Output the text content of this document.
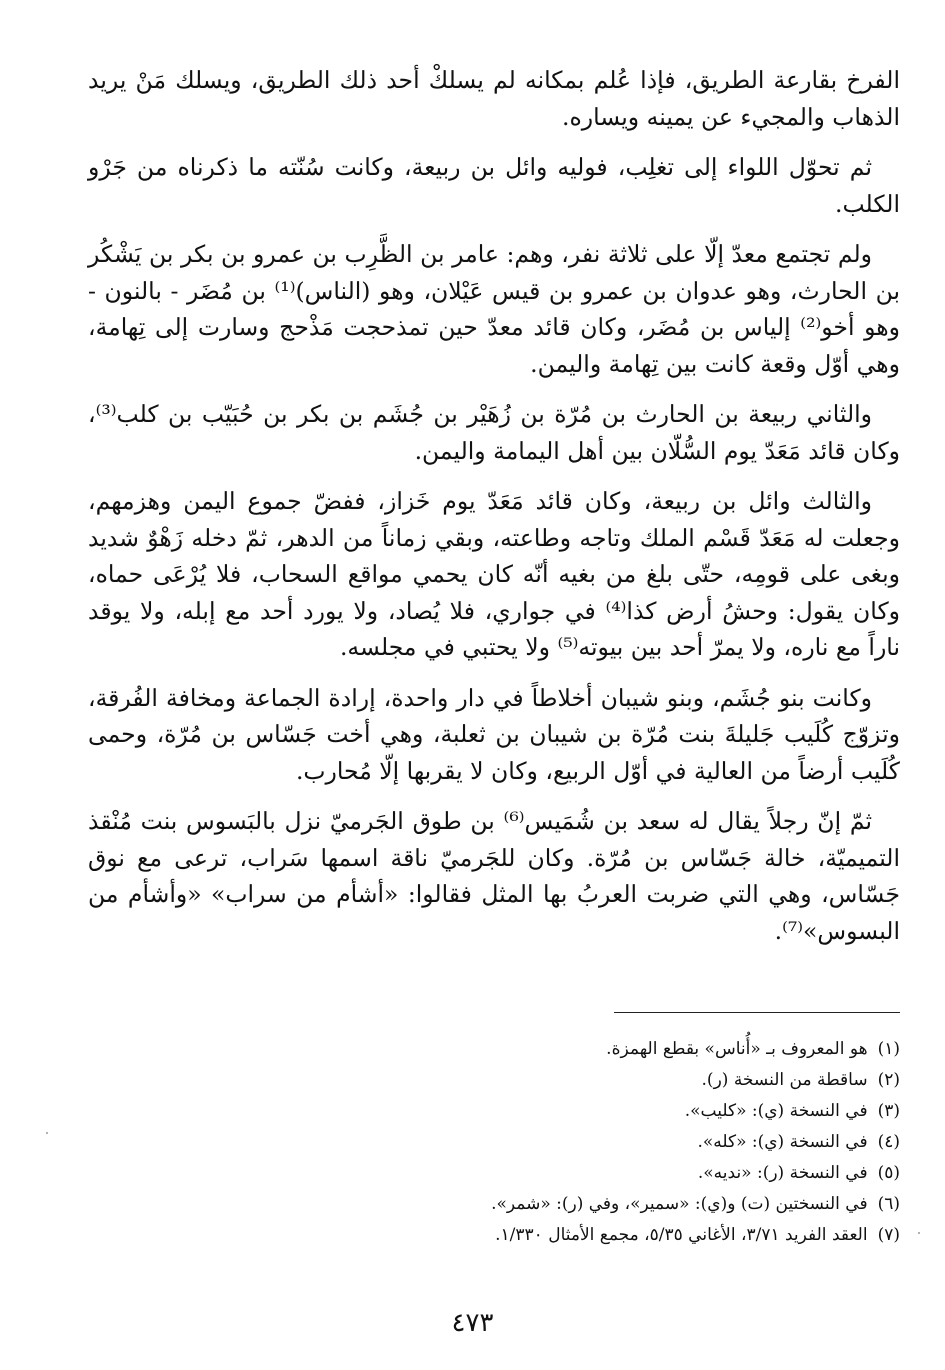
الفرخ بقارعة الطريق، فإذا عُلم بمكانه لم يسلكْ أحد ذلك الطريق، ويسلك مَنْ يريد الذهاب والمجيء عن يمينه ويساره.

ثم تحوّل اللواء إلى تغلِب، فوليه وائل بن ربيعة، وكانت سُنّته ما ذكرناه من جَرْو الكلب.

ولم تجتمع معدّ إلّا على ثلاثة نفر، وهم: عامر بن الظَّرِب بن عمرو بن بكر بن يَشْكُر بن الحارث، وهو عدوان بن عمرو بن قيس عَيْلان، وهو (الناس)⁽¹⁾ بن مُضَر - بالنون - وهو أخو⁽²⁾ إلياس بن مُضَر، وكان قائد معدّ حين تمذحجت مَذْحج وسارت إلى تِهامة، وهي أوّل وقعة كانت بين تِهامة واليمن.

والثاني ربيعة بن الحارث بن مُرّة بن زُهَيْر بن جُشَم بن بكر بن حُبَيّب بن كلب⁽³⁾، وكان قائد مَعَدّ يوم السُّلّان بين أهل اليمامة واليمن.

والثالث وائل بن ربيعة، وكان قائد مَعَدّ يوم خَزاز، ففضّ جموع اليمن وهزمهم، وجعلت له مَعَدّ قَسْم الملك وتاجه وطاعته، وبقي زماناً من الدهر، ثمّ دخله زَهْوٌ شديد وبغى على قومِه، حتّى بلغ من بغيه أنّه كان يحمي مواقع السحاب، فلا يُرْعَى حماه، وكان يقول: وحشُ أرض كذا⁽⁴⁾ في جواري، فلا يُصاد، ولا يورد أحد مع إبله، ولا يوقد ناراً مع ناره، ولا يمرّ أحد بين بيوته⁽⁵⁾ ولا يحتبي في مجلسه.

وكانت بنو جُشَم، وبنو شيبان أخلاطاً في دار واحدة، إرادة الجماعة ومخافة الفُرقة، وتزوّج كُلَيب جَليلةَ بنت مُرّة بن شيبان بن ثعلبة، وهي أخت جَسّاس بن مُرّة، وحمى كُلَيب أرضاً من العالية في أوّل الربيع، وكان لا يقربها إلّا مُحارب.

ثمّ إنّ رجلاً يقال له سعد بن شُمَيس⁽⁶⁾ بن طوق الجَرميّ نزل بالبَسوس بنت مُنْقذ التميميّة، خالة جَسّاس بن مُرّة. وكان للجَرميّ ناقة اسمها سَراب، ترعى مع نوق جَسّاس، وهي التي ضربت العربُ بها المثل فقالوا: «أشأم من سراب» «وأشأم من البسوس»⁽⁷⁾.

(١)هو المعروف بـ «أُناس» بقطع الهمزة.
(٢)ساقطة من النسخة (ر).
(٣)في النسخة (ي): «كليب».
(٤)في النسخة (ي): «كله».
(٥)في النسخة (ر): «نديه».
(٦)في النسختين (ت) و(ي): «سمير»، وفي (ر): «شمر».
(٧)العقد الفريد ٣/٧١، الأغاني ٥/٣٥، مجمع الأمثال ١/٣٣٠.
٤٧٣
